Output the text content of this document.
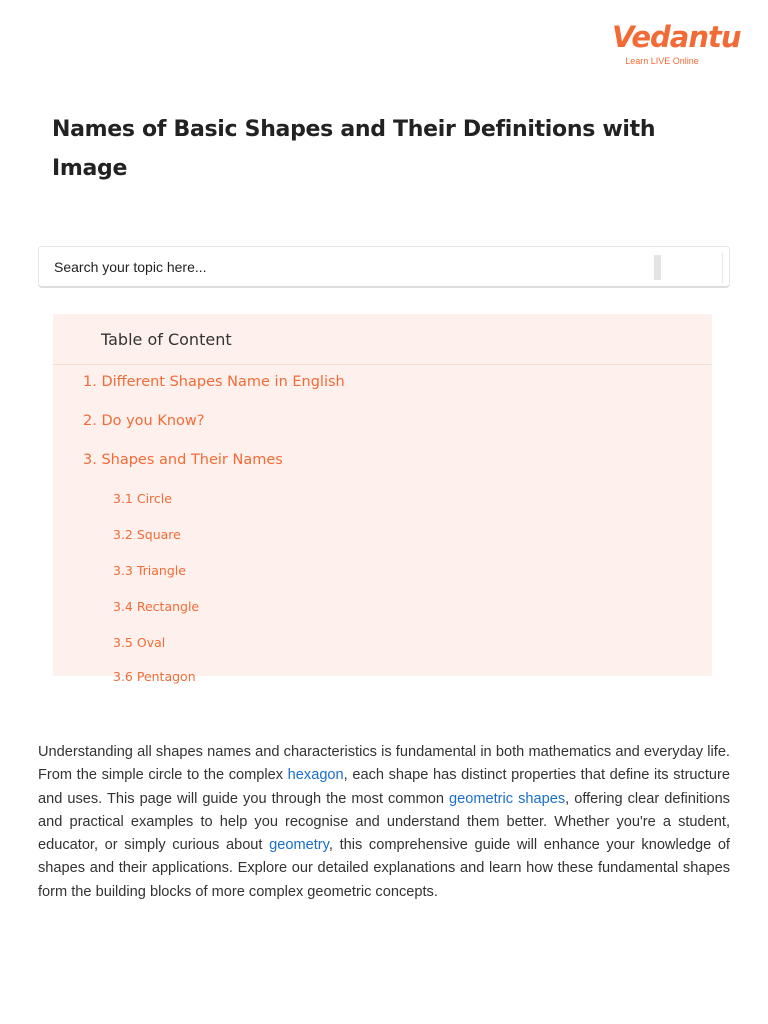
Vedantu
Learn LIVE Online
Names of Basic Shapes and Their Definitions with Image
Search your topic here...
Table of Content
1. Different Shapes Name in English
2. Do you Know?
3. Shapes and Their Names
3.1 Circle
3.2 Square
3.3 Triangle
3.4 Rectangle
3.5 Oval
3.6 Pentagon

Understanding all shapes names and characteristics is fundamental in both mathematics and everyday life. From the simple circle to the complex hexagon, each shape has distinct properties that define its structure and uses. This page will guide you through the most common geometric shapes, offering clear definitions and practical examples to help you recognise and understand them better. Whether you're a student, educator, or simply curious about geometry, this comprehensive guide will enhance your knowledge of shapes and their applications. Explore our detailed explanations and learn how these fundamental shapes form the building blocks of more complex geometric concepts.
